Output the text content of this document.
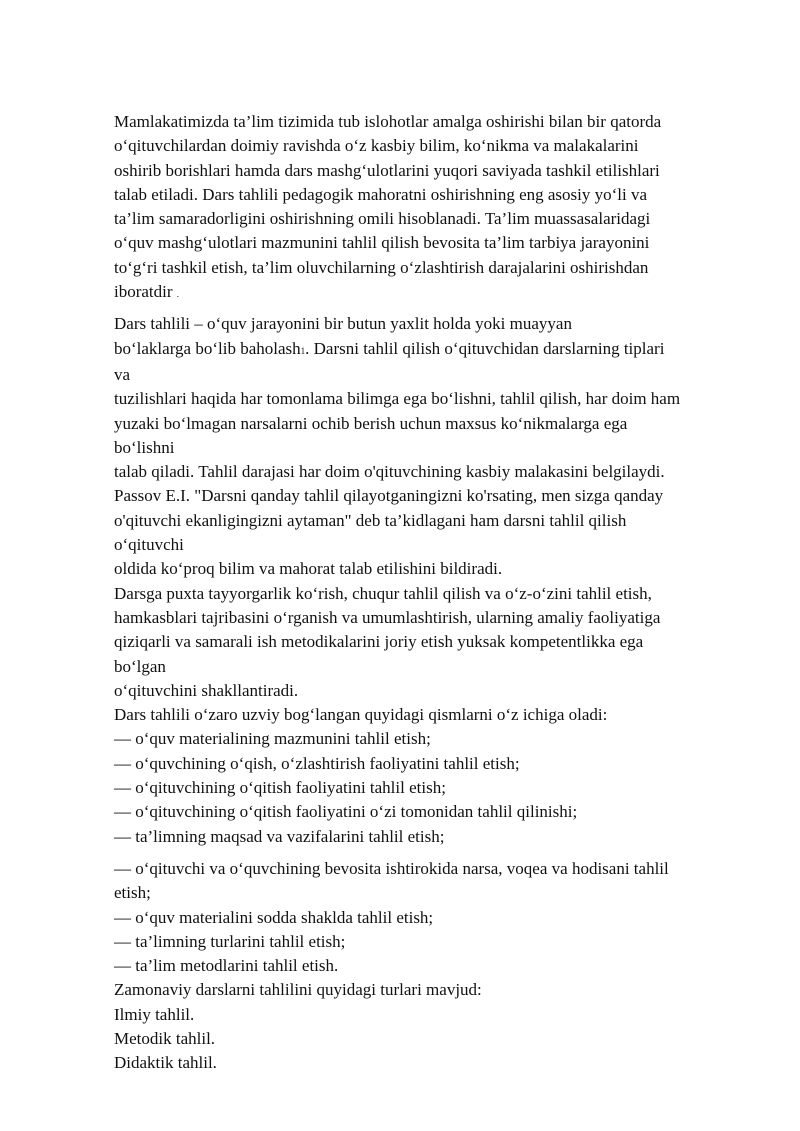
Mamlakatimizda ta’lim tizimida tub islohotlar amalga oshirishi bilan bir qatorda
o‘qituvchilardan doimiy ravishda o‘z kasbiy bilim, ko‘nikma va malakalarini
oshirib borishlari hamda dars mashg‘ulotlarini yuqori saviyada tashkil etilishlari
talab etiladi. Dars tahlili pedagogik mahoratni oshirishning eng asosiy yo‘li va
ta’lim samaradorligini oshirishning omili hisoblanadi. Ta’lim muassasalaridagi
o‘quv mashg‘ulotlari mazmunini tahlil qilish bevosita ta’lim tarbiya jarayonini
to‘g‘ri tashkil etish, ta’lim oluvchilarning o‘zlashtirish darajalarini oshirishdan
iboratdir .
Dars tahlili – o‘quv jarayonini bir butun yaxlit holda yoki muayyan
bo‘laklarga bo‘lib baholash1. Darsni tahlil qilish o‘qituvchidan darslarning tiplari
va
tuzilishlari haqida har tomonlama bilimga ega bo‘lishni, tahlil qilish, har doim ham
yuzaki bo‘lmagan narsalarni ochib berish uchun maxsus ko‘nikmalarga ega
bo‘lishni
talab qiladi. Tahlil darajasi har doim o'qituvchining kasbiy malakasini belgilaydi.
Passov E.I. "Darsni qanday tahlil qilayotganingizni ko'rsating, men sizga qanday
o'qituvchi ekanligingizni aytaman" deb ta’kidlagani ham darsni tahlil qilish
o‘qituvchi
oldida ko‘proq bilim va mahorat talab etilishini bildiradi.
Darsga puxta tayyorgarlik ko‘rish, chuqur tahlil qilish va o‘z-o‘zini tahlil etish,
hamkasblari tajribasini o‘rganish va umumlashtirish, ularning amaliy faoliyatiga
qiziqarli va samarali ish metodikalarini joriy etish yuksak kompetentlikka ega
bo‘lgan
o‘qituvchini shakllantiradi.
Dars tahlili o‘zaro uzviy bog‘langan quyidagi qismlarni o‘z ichiga oladi:
— o‘quv materialining mazmunini tahlil etish;
— o‘quvchining o‘qish, o‘zlashtirish faoliyatini tahlil etish;
— o‘qituvchining o‘qitish faoliyatini tahlil etish;
— o‘qituvchining o‘qitish faoliyatini o‘zi tomonidan tahlil qilinishi;
— ta’limning maqsad va vazifalarini tahlil etish;
— o‘qituvchi va o‘quvchining bevosita ishtirokida narsa, voqea va hodisani tahlil
etish;
— o‘quv materialini sodda shaklda tahlil etish;
— ta’limning turlarini tahlil etish;
— ta’lim metodlarini tahlil etish.
Zamonaviy darslarni tahlilini quyidagi turlari mavjud:
Ilmiy tahlil.
Metodik tahlil.
Didaktik tahlil.
